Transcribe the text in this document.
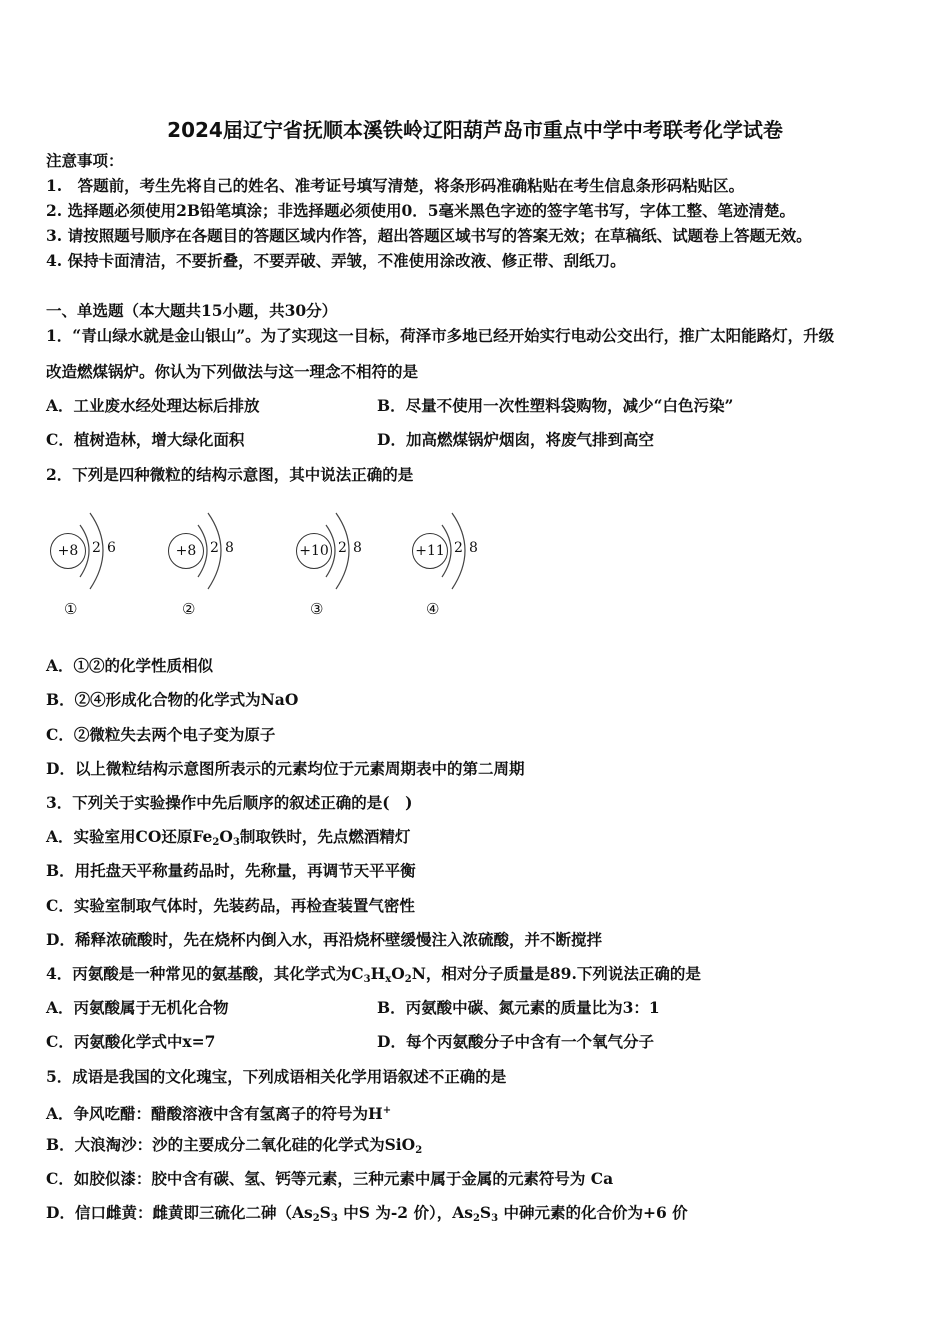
2024届辽宁省抚顺本溪铁岭辽阳葫芦岛市重点中学中考联考化学试卷
注意事项：
1.　答题前，考生先将自己的姓名、准考证号填写清楚，将条形码准确粘贴在考生信息条形码粘贴区。
2. 选择题必须使用2B铅笔填涂；非选择题必须使用0．5毫米黑色字迹的签字笔书写，字体工整、笔迹清楚。
3. 请按照题号顺序在各题目的答题区域内作答，超出答题区域书写的答案无效；在草稿纸、试题卷上答题无效。
4. 保持卡面清洁，不要折叠，不要弄破、弄皱，不准使用涂改液、修正带、刮纸刀。
一、单选题（本大题共15小题，共30分）
1．“青山绿水就是金山银山”。为了实现这一目标，荷泽市多地已经开始实行电动公交出行，推广太阳能路灯，升级
改造燃煤锅炉。你认为下列做法与这一理念不相符的是
A．工业废水经处理达标后排放	B．尽量不使用一次性塑料袋购物，减少“白色污染”
C．植树造林，增大绿化面积	D．加高燃煤锅炉烟囱，将废气排到高空
2．下列是四种微粒的结构示意图，其中说法正确的是
+8 2 6
①
+8 2 8
②
+10 2 8
③
+11 2 8
④
A．①②的化学性质相似
B．②④形成化合物的化学式为NaO
C．②微粒失去两个电子变为原子
D．以上微粒结构示意图所表示的元素均位于元素周期表中的第二周期
3．下列关于实验操作中先后顺序的叙述正确的是(　)
A．实验室用CO还原$Fe_2O_3$制取铁时，先点燃酒精灯
B．用托盘天平称量药品时，先称量，再调节天平平衡
C．实验室制取气体时，先装药品，再检查装置气密性
D．稀释浓硫酸时，先在烧杯内倒入水，再沿烧杯壁缓慢注入浓硫酸，并不断搅拌
4．丙氨酸是一种常见的氨基酸，其化学式为$C_3H_xO_2N$，相对分子质量是89.下列说法正确的是
A．丙氨酸属于无机化合物	B．丙氨酸中碳、氮元素的质量比为3：1
C．丙氨酸化学式中x=7	D．每个丙氨酸分子中含有一个氧气分子
5．成语是我国的文化瑰宝，下列成语相关化学用语叙述不正确的是
A．争风吃醋：醋酸溶液中含有氢离子的符号为H+
B．大浪淘沙：沙的主要成分二氧化硅的化学式为SiO$_2$
C．如胶似漆：胶中含有碳、氢、钙等元素，三种元素中属于金属的元素符号为 Ca
D．信口雌黄：雌黄即三硫化二砷（$As_2S_3$ 中S 为-2 价），$As_2S_3$ 中砷元素的化合价为+6 价
